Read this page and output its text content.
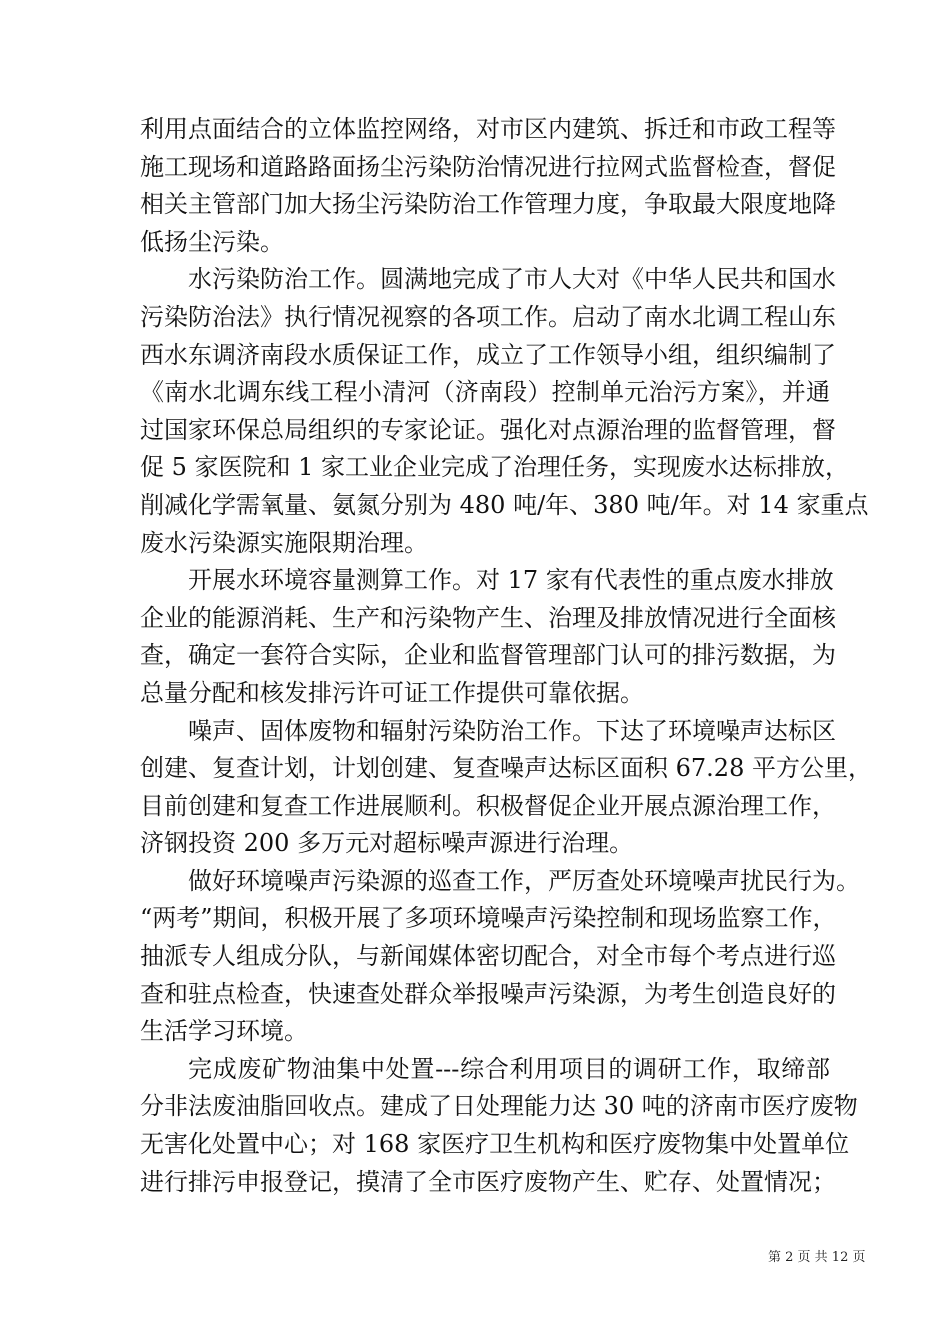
利用点面结合的立体监控网络，对市区内建筑、拆迁和市政工程等
施工现场和道路路面扬尘污染防治情况进行拉网式监督检查，督促
相关主管部门加大扬尘污染防治工作管理力度，争取最大限度地降
低扬尘污染。
水污染防治工作。圆满地完成了市人大对《中华人民共和国水
污染防治法》执行情况视察的各项工作。启动了南水北调工程山东
西水东调济南段水质保证工作，成立了工作领导小组，组织编制了
《南水北调东线工程小清河（济南段）控制单元治污方案》，并通
过国家环保总局组织的专家论证。强化对点源治理的监督管理，督
促 5 家医院和 1 家工业企业完成了治理任务，实现废水达标排放，
削减化学需氧量、氨氮分别为 480 吨/年、380 吨/年。对 14 家重点
废水污染源实施限期治理。
开展水环境容量测算工作。对 17 家有代表性的重点废水排放
企业的能源消耗、生产和污染物产生、治理及排放情况进行全面核
查，确定一套符合实际，企业和监督管理部门认可的排污数据，为
总量分配和核发排污许可证工作提供可靠依据。
噪声、固体废物和辐射污染防治工作。下达了环境噪声达标区
创建、复查计划，计划创建、复查噪声达标区面积 67.28 平方公里，
目前创建和复查工作进展顺利。积极督促企业开展点源治理工作，
济钢投资 200 多万元对超标噪声源进行治理。
做好环境噪声污染源的巡查工作，严厉查处环境噪声扰民行为。
“两考”期间，积极开展了多项环境噪声污染控制和现场监察工作，
抽派专人组成分队，与新闻媒体密切配合，对全市每个考点进行巡
查和驻点检查，快速查处群众举报噪声污染源，为考生创造良好的
生活学习环境。
完成废矿物油集中处置---综合利用项目的调研工作，取缔部
分非法废油脂回收点。建成了日处理能力达 30 吨的济南市医疗废物
无害化处置中心；对 168 家医疗卫生机构和医疗废物集中处置单位
进行排污申报登记，摸清了全市医疗废物产生、贮存、处置情况；
第 2 页 共 12 页
